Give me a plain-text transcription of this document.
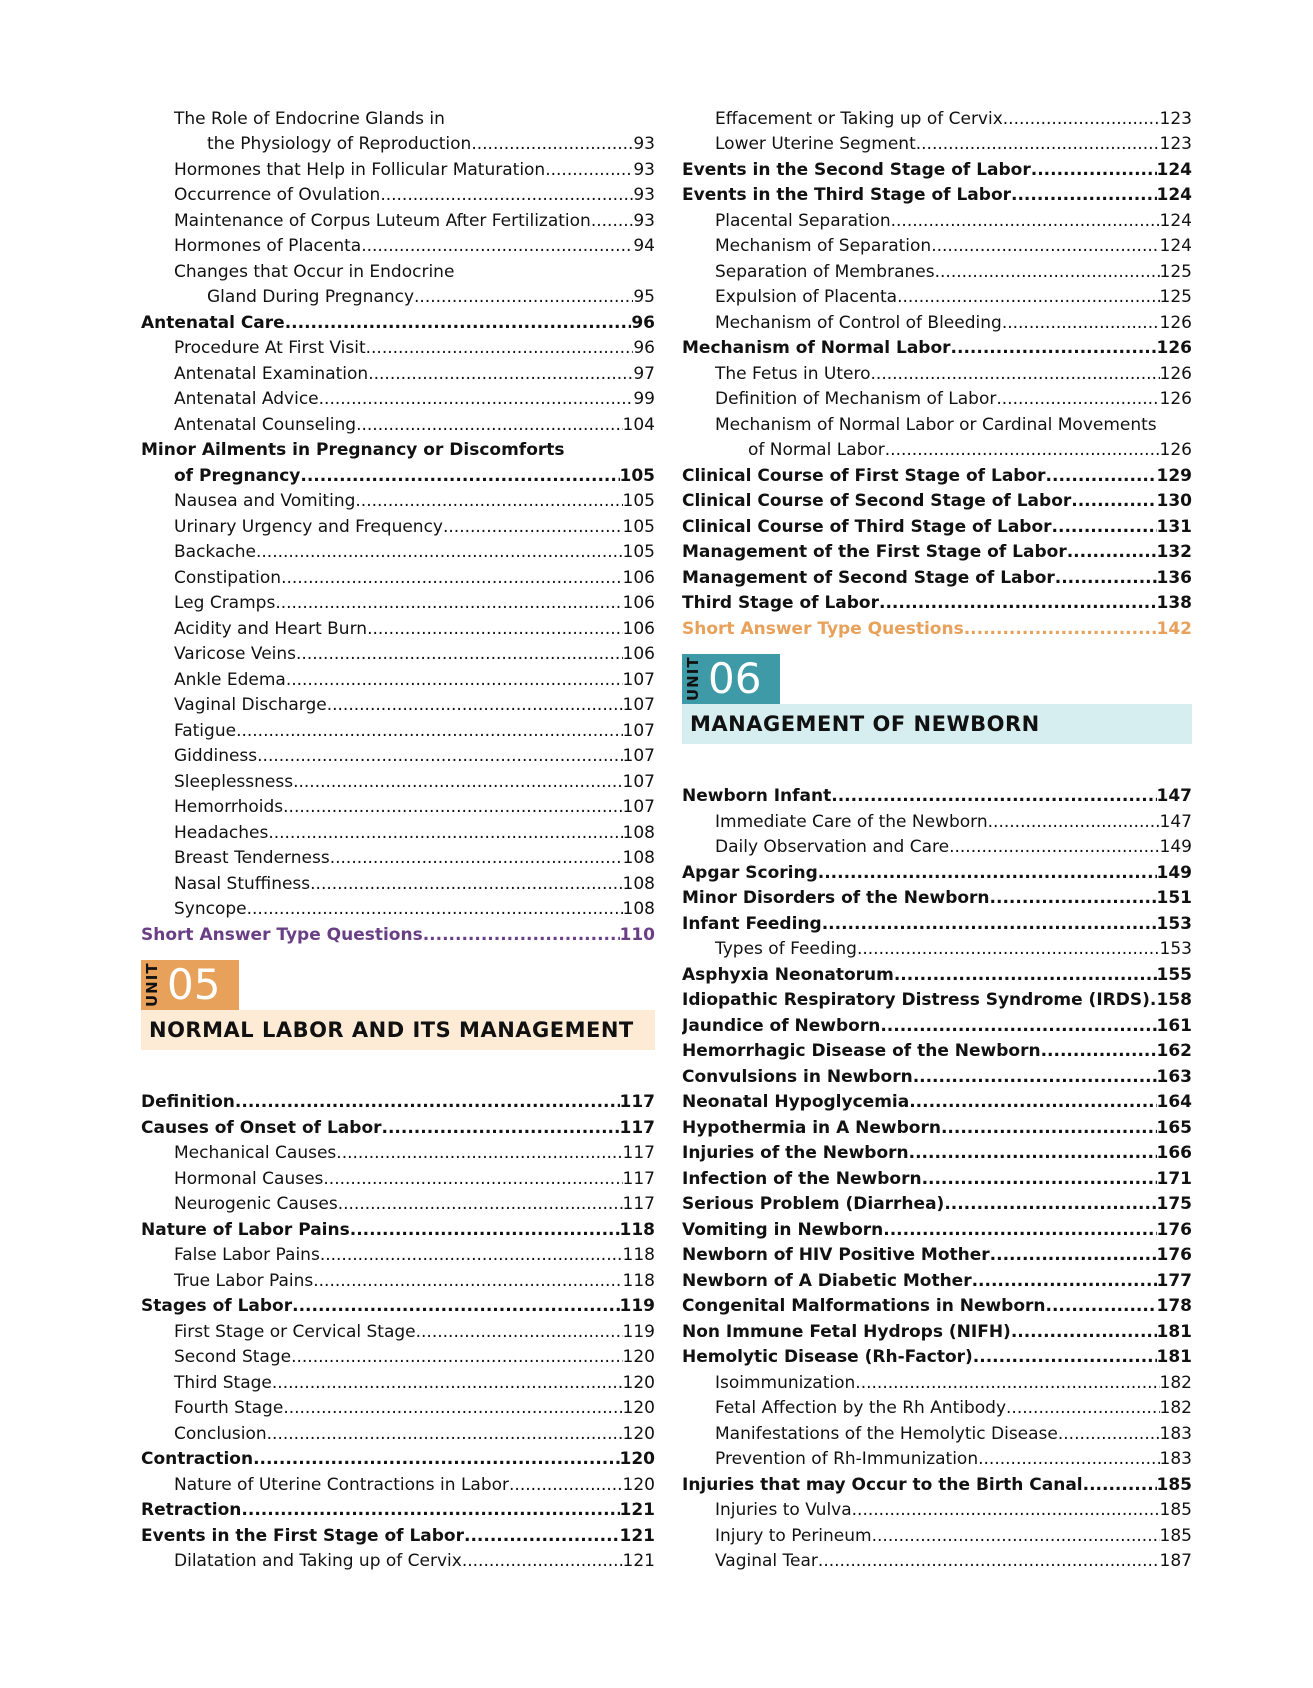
The Role of Endocrine Glands in
the Physiology of Reproduction .....	93
Hormones that Help in Follicular Maturation .....	93
Occurrence of Ovulation .....	93
Maintenance of Corpus Luteum After Fertilization .....	93
Hormones of Placenta .....	94
Changes that Occur in Endocrine
Gland During Pregnancy .....	95
Antenatal Care .....	96
Procedure At First Visit .....	96
Antenatal Examination .....	97
Antenatal Advice .....	99
Antenatal Counseling .....	104
Minor Ailments in Pregnancy or Discomforts
of Pregnancy .....	105
Nausea and Vomiting .....	105
Urinary Urgency and Frequency .....	105
Backache .....	105
Constipation .....	106
Leg Cramps .....	106
Acidity and Heart Burn .....	106
Varicose Veins .....	106
Ankle Edema .....	107
Vaginal Discharge .....	107
Fatigue .....	107
Giddiness .....	107
Sleeplessness .....	107
Hemorrhoids .....	107
Headaches .....	108
Breast Tenderness .....	108
Nasal Stuffiness .....	108
Syncope .....	108
Short Answer Type Questions .....	110
UNIT 05
NORMAL LABOR AND ITS MANAGEMENT
Definition .....	117
Causes of Onset of Labor .....	117
Mechanical Causes .....	117
Hormonal Causes .....	117
Neurogenic Causes .....	117
Nature of Labor Pains .....	118
False Labor Pains .....	118
True Labor Pains .....	118
Stages of Labor .....	119
First Stage or Cervical Stage .....	119
Second Stage .....	120
Third Stage .....	120
Fourth Stage .....	120
Conclusion .....	120
Contraction .....	120
Nature of Uterine Contractions in Labor .....	120
Retraction .....	121
Events in the First Stage of Labor .....	121
Dilatation and Taking up of Cervix .....	121
Effacement or Taking up of Cervix .....	123
Lower Uterine Segment .....	123
Events in the Second Stage of Labor .....	124
Events in the Third Stage of Labor .....	124
Placental Separation .....	124
Mechanism of Separation .....	124
Separation of Membranes .....	125
Expulsion of Placenta .....	125
Mechanism of Control of Bleeding .....	126
Mechanism of Normal Labor .....	126
The Fetus in Utero .....	126
Definition of Mechanism of Labor .....	126
Mechanism of Normal Labor or Cardinal Movements
of Normal Labor .....	126
Clinical Course of First Stage of Labor .....	129
Clinical Course of Second Stage of Labor .....	130
Clinical Course of Third Stage of Labor .....	131
Management of the First Stage of Labor .....	132
Management of Second Stage of Labor .....	136
Third Stage of Labor .....	138
Short Answer Type Questions .....	142
UNIT 06
MANAGEMENT OF NEWBORN
Newborn Infant .....	147
Immediate Care of the Newborn .....	147
Daily Observation and Care .....	149
Apgar Scoring .....	149
Minor Disorders of the Newborn .....	151
Infant Feeding .....	153
Types of Feeding .....	153
Asphyxia Neonatorum .....	155
Idiopathic Respiratory Distress Syndrome (IRDS) ..... 158
Jaundice of Newborn .....	161
Hemorrhagic Disease of the Newborn .....	162
Convulsions in Newborn .....	163
Neonatal Hypoglycemia .....	164
Hypothermia in A Newborn .....	165
Injuries of the Newborn .....	166
Infection of the Newborn .....	171
Serious Problem (Diarrhea) .....	175
Vomiting in Newborn .....	176
Newborn of HIV Positive Mother .....	176
Newborn of A Diabetic Mother .....	177
Congenital Malformations in Newborn .....	178
Non Immune Fetal Hydrops (NIFH) .....	181
Hemolytic Disease (Rh-Factor) .....	181
Isoimmunization .....	182
Fetal Affection by the Rh Antibody .....	182
Manifestations of the Hemolytic Disease .....	183
Prevention of Rh-Immunization .....	183
Injuries that may Occur to the Birth Canal .....	185
Injuries to Vulva .....	185
Injury to Perineum .....	185
Vaginal Tear .....	187
